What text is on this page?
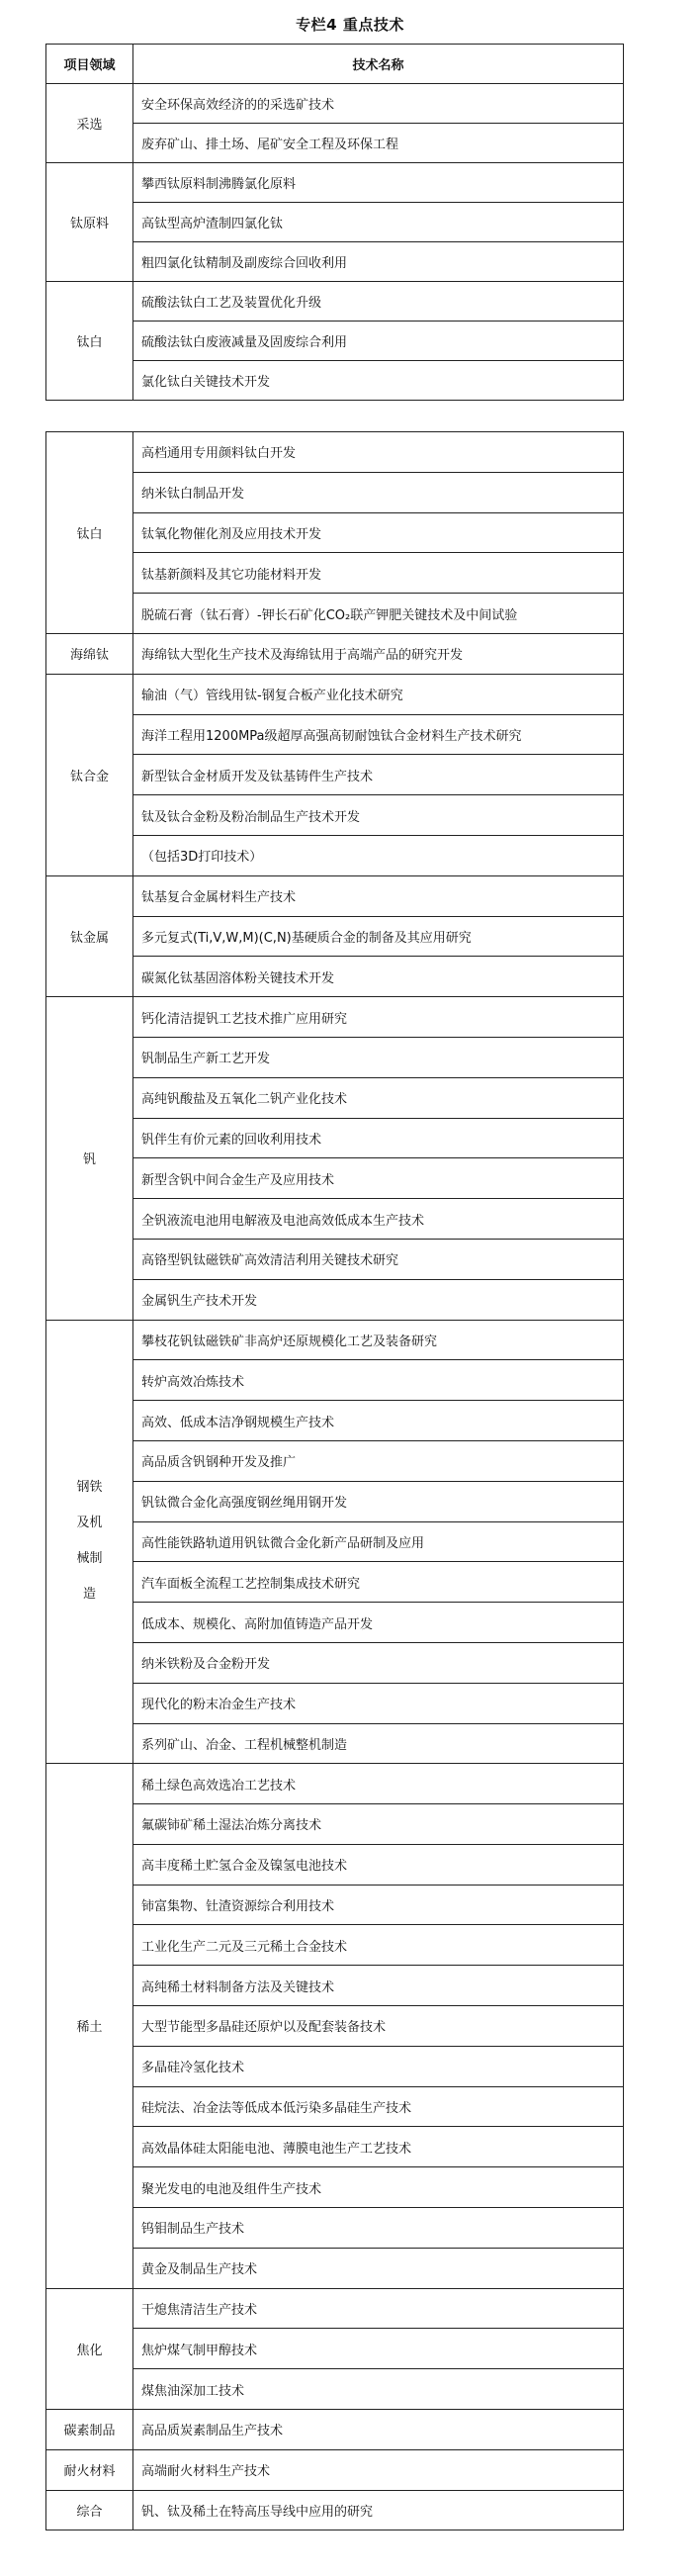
专栏4 重点技术
项目领域	技术名称
采选	安全环保高效经济的的采选矿技术
	废弃矿山、排土场、尾矿安全工程及环保工程
钛原料	攀西钛原料制沸腾氯化原料
	高钛型高炉渣制四氯化钛
	粗四氯化钛精制及副废综合回收利用
钛白	硫酸法钛白工艺及装置优化升级
	硫酸法钛白废液减量及固废综合利用
	氯化钛白关键技术开发
钛白	高档通用专用颜料钛白开发
	纳米钛白制品开发
	钛氧化物催化剂及应用技术开发
	钛基新颜料及其它功能材料开发
	脱硫石膏（钛石膏）-钾长石矿化CO₂联产钾肥关键技术及中间试验
海绵钛	海绵钛大型化生产技术及海绵钛用于高端产品的研究开发
钛合金	输油（气）管线用钛-钢复合板产业化技术研究
	海洋工程用1200MPa级超厚高强高韧耐蚀钛合金材料生产技术研究
	新型钛合金材质开发及钛基铸件生产技术
	钛及钛合金粉及粉冶制品生产技术开发
	（包括3D打印技术）
钛金属	钛基复合金属材料生产技术
	多元复式(Ti,V,W,M)(C,N)基硬质合金的制备及其应用研究
	碳氮化钛基固溶体粉关键技术开发
钒	钙化清洁提钒工艺技术推广应用研究
	钒制品生产新工艺开发
	高纯钒酸盐及五氧化二钒产业化技术
	钒伴生有价元素的回收利用技术
	新型含钒中间合金生产及应用技术
	全钒液流电池用电解液及电池高效低成本生产技术
	高铬型钒钛磁铁矿高效清洁利用关键技术研究
	金属钒生产技术开发

钢铁
及机
械制
造	攀枝花钒钛磁铁矿非高炉还原规模化工艺及装备研究
	转炉高效冶炼技术
	高效、低成本洁净钢规模生产技术
	高品质含钒钢种开发及推广
	钒钛微合金化高强度钢丝绳用钢开发
	高性能铁路轨道用钒钛微合金化新产品研制及应用
	汽车面板全流程工艺控制集成技术研究
	低成本、规模化、高附加值铸造产品开发
	纳米铁粉及合金粉开发
	现代化的粉末冶金生产技术
	系列矿山、冶金、工程机械整机制造
稀土	稀土绿色高效选冶工艺技术
	氟碳铈矿稀土湿法冶炼分离技术
	高丰度稀土贮氢合金及镍氢电池技术
	铈富集物、钍渣资源综合利用技术
	工业化生产二元及三元稀土合金技术
	高纯稀土材料制备方法及关键技术
	大型节能型多晶硅还原炉以及配套装备技术
	多晶硅冷氢化技术
	硅烷法、冶金法等低成本低污染多晶硅生产技术
	高效晶体硅太阳能电池、薄膜电池生产工艺技术
	聚光发电的电池及组件生产技术
	钨钼制品生产技术
	黄金及制品生产技术
焦化	干熄焦清洁生产技术
	焦炉煤气制甲醇技术
	煤焦油深加工技术
碳素制品	高品质炭素制品生产技术
耐火材料	高端耐火材料生产技术
综合	钒、钛及稀土在特高压导线中应用的研究
